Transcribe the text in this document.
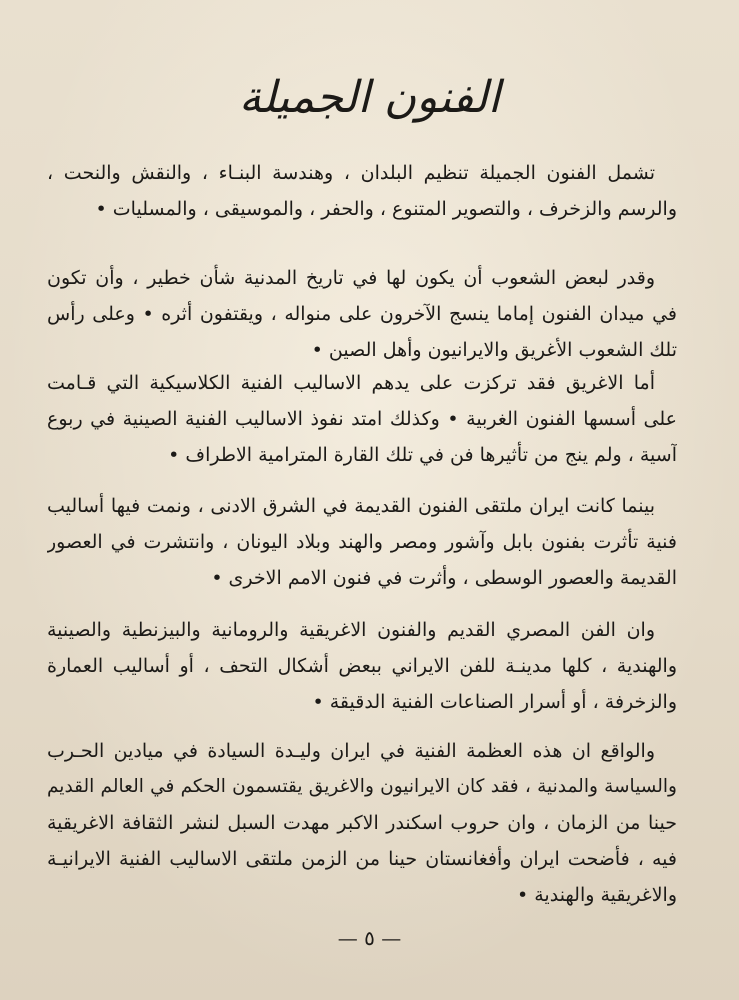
الفنون الجميلة
تشمل الفنون الجميلة تنظيم البلدان ، وهندسة البنـاء ، والنقش والنحت ،
والرسم والزخرف ، والتصوير المتنوع ، والحفر ، والموسيقى ، والمسليات •
وقدر لبعض الشعوب أن يكون لها في تاريخ المدنية شأن خطير ، وأن تكون
في ميدان الفنون إماما ينسج الآخرون على منواله ، ويقتفون أثره • وعلى رأس
تلك الشعوب الأغريق والايرانيون وأهل الصين •
أما الاغريق فقد تركزت على يدهم الاساليب الفنية الكلاسيكية التي قـامت
على أسسها الفنون الغربية • وكذلك امتد نفوذ الاساليب الفنية الصينية في ربوع
آسية ، ولم ينج من تأثيرها فن في تلك القارة المترامية الاطراف •
بينما كانت ايران ملتقى الفنون القديمة في الشرق الادنى ، ونمت فيها أساليب
فنية تأثرت بفنون بابل وآشور ومصر والهند وبلاد اليونان ، وانتشرت في العصور
القديمة والعصور الوسطى ، وأثرت في فنون الامم الاخرى •
وان الفن المصري القديم والفنون الاغريقية والرومانية والبيزنطية والصينية
والهندية ، كلها مدينـة للفن الايراني ببعض أشكال التحف ، أو أساليب العمارة
والزخرفة ، أو أسرار الصناعات الفنية الدقيقة •
والواقع ان هذه العظمة الفنية في ايران وليـدة السيادة في ميادين الحـرب
والسياسة والمدنية ، فقد كان الايرانيون والاغريق يقتسمون الحكم في العالم القديم
حينا من الزمان ، وان حروب اسكندر الاكبر مهدت السبل لنشر الثقافة الاغريقية
فيه ، فأضحت ايران وأفغانستان حينا من الزمن ملتقى الاساليب الفنية الايرانيـة
والاغريقية والهندية •
— ٥ —
